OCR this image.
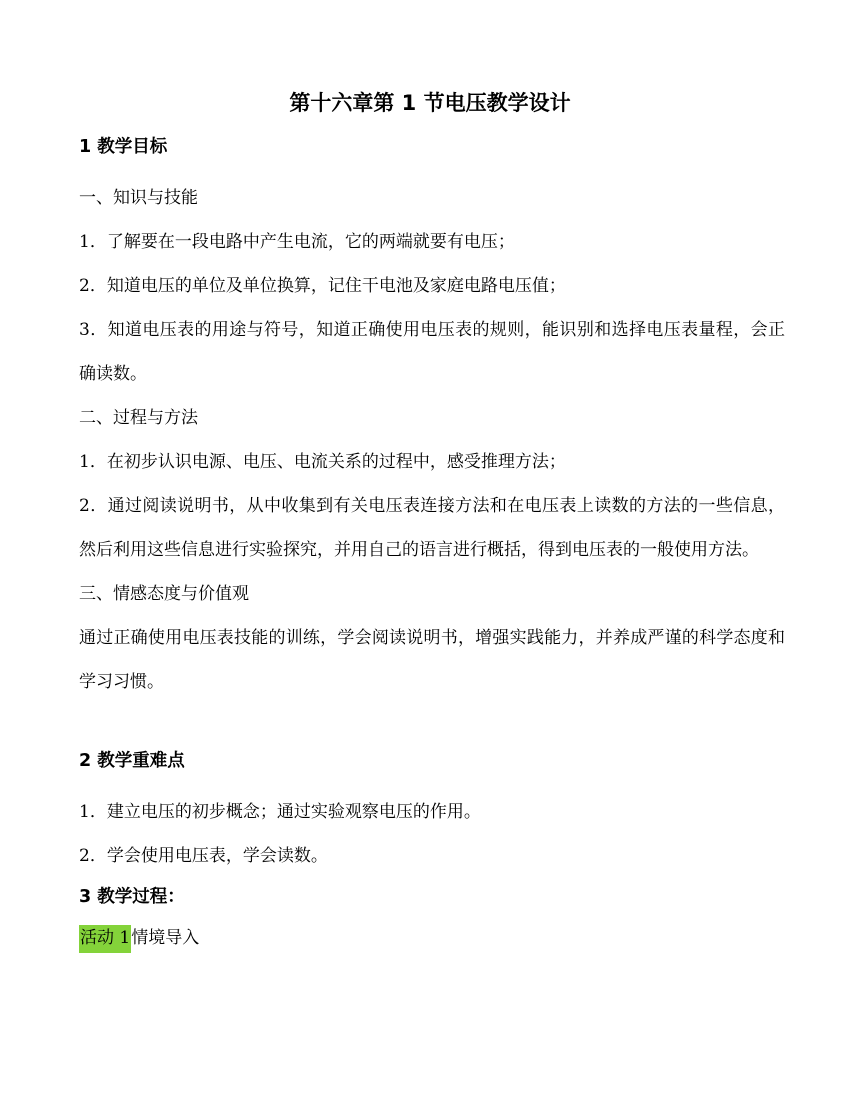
第十六章第 1 节电压教学设计
1 教学目标
一、知识与技能
1．了解要在一段电路中产生电流，它的两端就要有电压；
2．知道电压的单位及单位换算，记住干电池及家庭电路电压值；
3．知道电压表的用途与符号，知道正确使用电压表的规则，能识别和选择电压表量程，会正确读数。
二、过程与方法
1．在初步认识电源、电压、电流关系的过程中，感受推理方法；
2．通过阅读说明书，从中收集到有关电压表连接方法和在电压表上读数的方法的一些信息，然后利用这些信息进行实验探究，并用自己的语言进行概括，得到电压表的一般使用方法。
三、情感态度与价值观
通过正确使用电压表技能的训练，学会阅读说明书，增强实践能力，并养成严谨的科学态度和学习习惯。
2 教学重难点
1．建立电压的初步概念；通过实验观察电压的作用。
2．学会使用电压表，学会读数。
3 教学过程：
活动 1情境导入
